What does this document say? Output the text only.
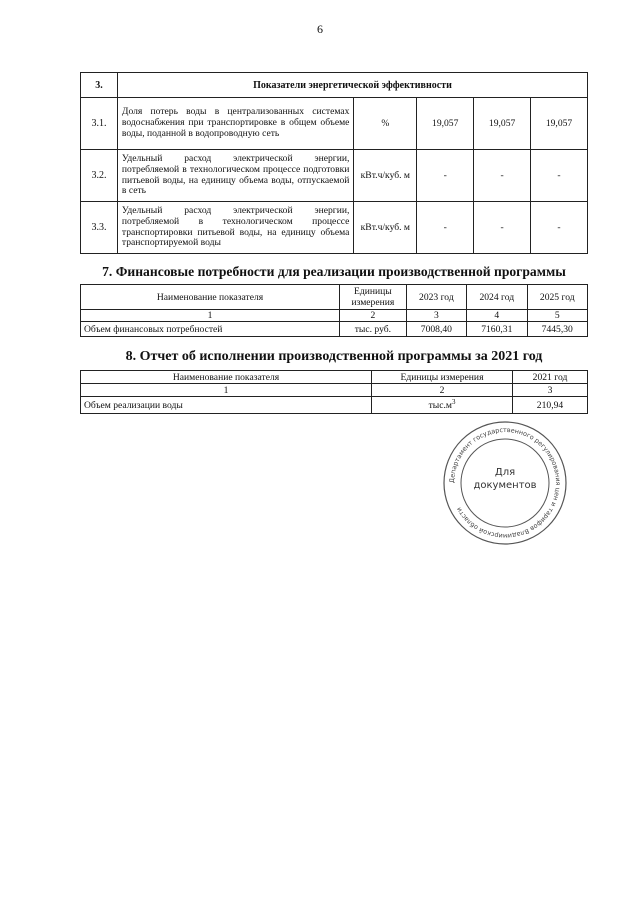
6
3.	Показатели энергетической эффективности				
3.1.	Доля потерь воды в централизованных системах водоснабжения при транспортировке в общем объеме воды, поданной в водопроводную сеть	%	19,057	19,057	19,057
3.2.	Удельный расход электрической энергии, потребляемой в технологическом процессе подготовки питьевой воды, на единицу объема воды, отпускаемой в сеть	кВт.ч/куб. м	-	-	-
3.3.	Удельный расход электрической энергии, потребляемой в технологическом процессе транспортировки питьевой воды, на единицу объема транспортируемой воды	кВт.ч/куб. м	-	-	-
7. Финансовые потребности для реализации производственной программы
Наименование показателя	Единицы измерения	2023 год	2024 год	2025 год
1	2	3	4	5
Объем финансовых потребностей	тыс. руб.	7008,40	7160,31	7445,30
8. Отчет об исполнении производственной программы за 2021 год
Наименование показателя	Единицы измерения	2021 год
1	2	3
Объем реализации воды	$тыс.м^3$	210,94
Департамент государственного регулирования цен и тарифов Владимирской области
Для
документов
